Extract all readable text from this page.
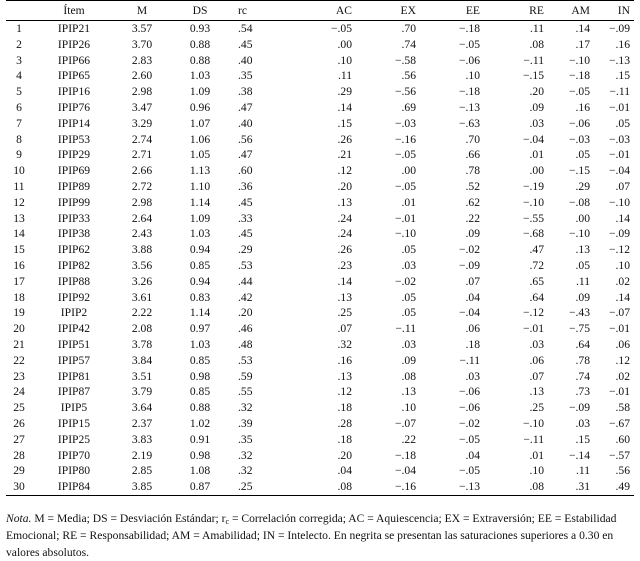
	Ítem	M	DS	rc	AC	EX	EE	RE	AM	IN
1	IPIP21	3.57	0.93	.54	−.05	.70	−.18	.11	.14	−.09
2	IPIP26	3.70	0.88	.45	.00	.74	−.05	.08	.17	.16
3	IPIP66	2.83	0.88	.40	.10	−.58	−.06	−.11	−.10	−.13
4	IPIP65	2.60	1.03	.35	.11	.56	.10	−.15	−.18	.15
5	IPIP16	2.98	1.09	.38	.29	−.56	−.18	.20	−.05	−.11
6	IPIP76	3.47	0.96	.47	.14	.69	−.13	.09	.16	−.01
7	IPIP14	3.29	1.07	.40	.15	−.03	−.63	.03	−.06	.05
8	IPIP53	2.74	1.06	.56	.26	−.16	.70	−.04	−.03	−.03
9	IPIP29	2.71	1.05	.47	.21	−.05	.66	.01	.05	−.01
10	IPIP69	2.66	1.13	.60	.12	.00	.78	.00	−.15	−.04
11	IPIP89	2.72	1.10	.36	.20	−.05	.52	−.19	.29	.07
12	IPIP99	2.98	1.14	.45	.13	.01	.62	−.10	−.08	−.10
13	IPIP33	2.64	1.09	.33	.24	−.01	.22	−.55	.00	.14
14	IPIP38	2.43	1.03	.45	.24	−.10	.09	−.68	−.10	−.09
15	IPIP62	3.88	0.94	.29	.26	.05	−.02	.47	.13	−.12
16	IPIP82	3.56	0.85	.53	.23	.03	−.09	.72	.05	.10
17	IPIP88	3.26	0.94	.44	.14	−.02	.07	.65	.11	.02
18	IPIP92	3.61	0.83	.42	.13	.05	.04	.64	.09	.14
19	IPIP2	2.22	1.14	.20	.25	.05	−.04	−.12	−.43	−.07
20	IPIP42	2.08	0.97	.46	.07	−.11	.06	−.01	−.75	−.01
21	IPIP51	3.78	1.03	.48	.32	.03	.18	.03	.64	.06
22	IPIP57	3.84	0.85	.53	.16	.09	−.11	.06	.78	.12
23	IPIP81	3.51	0.98	.59	.13	.08	.03	.07	.74	.02
24	IPIP87	3.79	0.85	.55	.12	.13	−.06	.13	.73	−.01
25	IPIP5	3.64	0.88	.32	.18	.10	−.06	.25	−.09	.58
26	IPIP15	2.37	1.02	.39	.28	−.07	−.02	−.10	.03	−.67
27	IPIP25	3.83	0.91	.35	.18	.22	−.05	−.11	.15	.60
28	IPIP70	2.19	0.98	.32	.20	−.18	.04	.01	−.14	−.57
29	IPIP80	2.85	1.08	.32	.04	−.04	−.05	.10	.11	.56
30	IPIP84	3.85	0.87	.25	.08	−.16	−.13	.08	.31	.49
Nota. M = Media; DS = Desviación Estándar; $r_c$ = Correlación corregida; AC = Aquiescencia; EX = Extraversión; EE = Estabilidad Emocional; RE = Responsabilidad; AM = Amabilidad; IN = Intelecto. En negrita se presentan las saturaciones superiores a 0.30 en valores absolutos.
